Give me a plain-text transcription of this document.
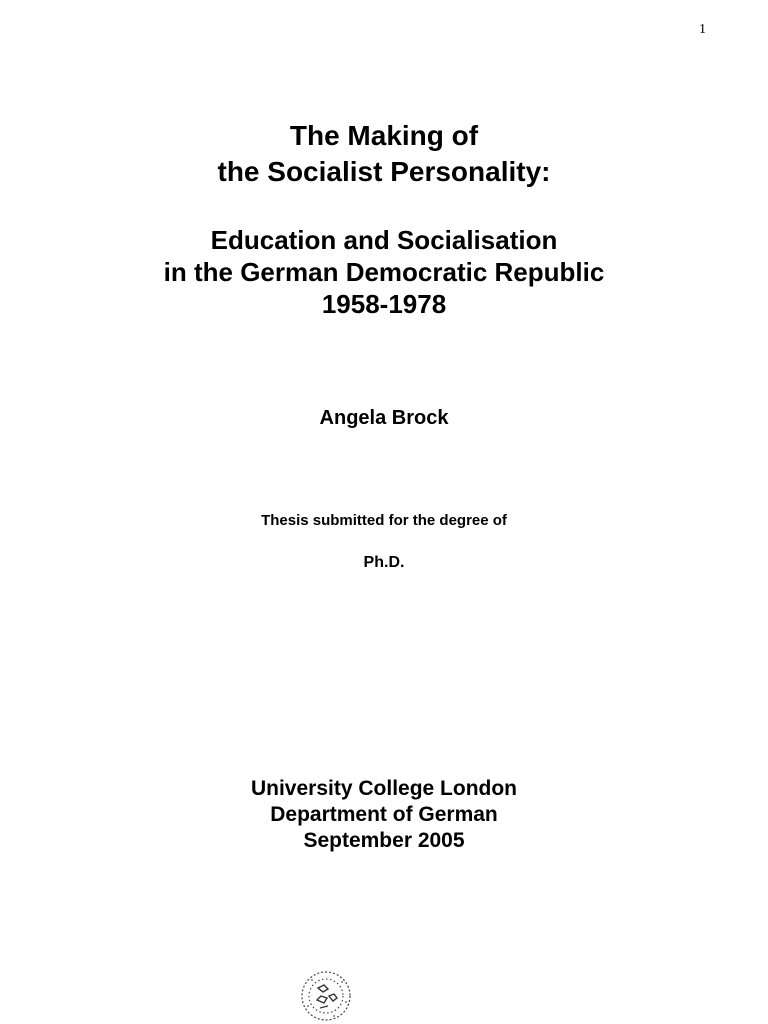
1
The Making of
the Socialist Personality:
Education and Socialisation
in the German Democratic Republic
1958-1978
Angela Brock
Thesis submitted for the degree of
Ph.D.
University College London
Department of German
September 2005
